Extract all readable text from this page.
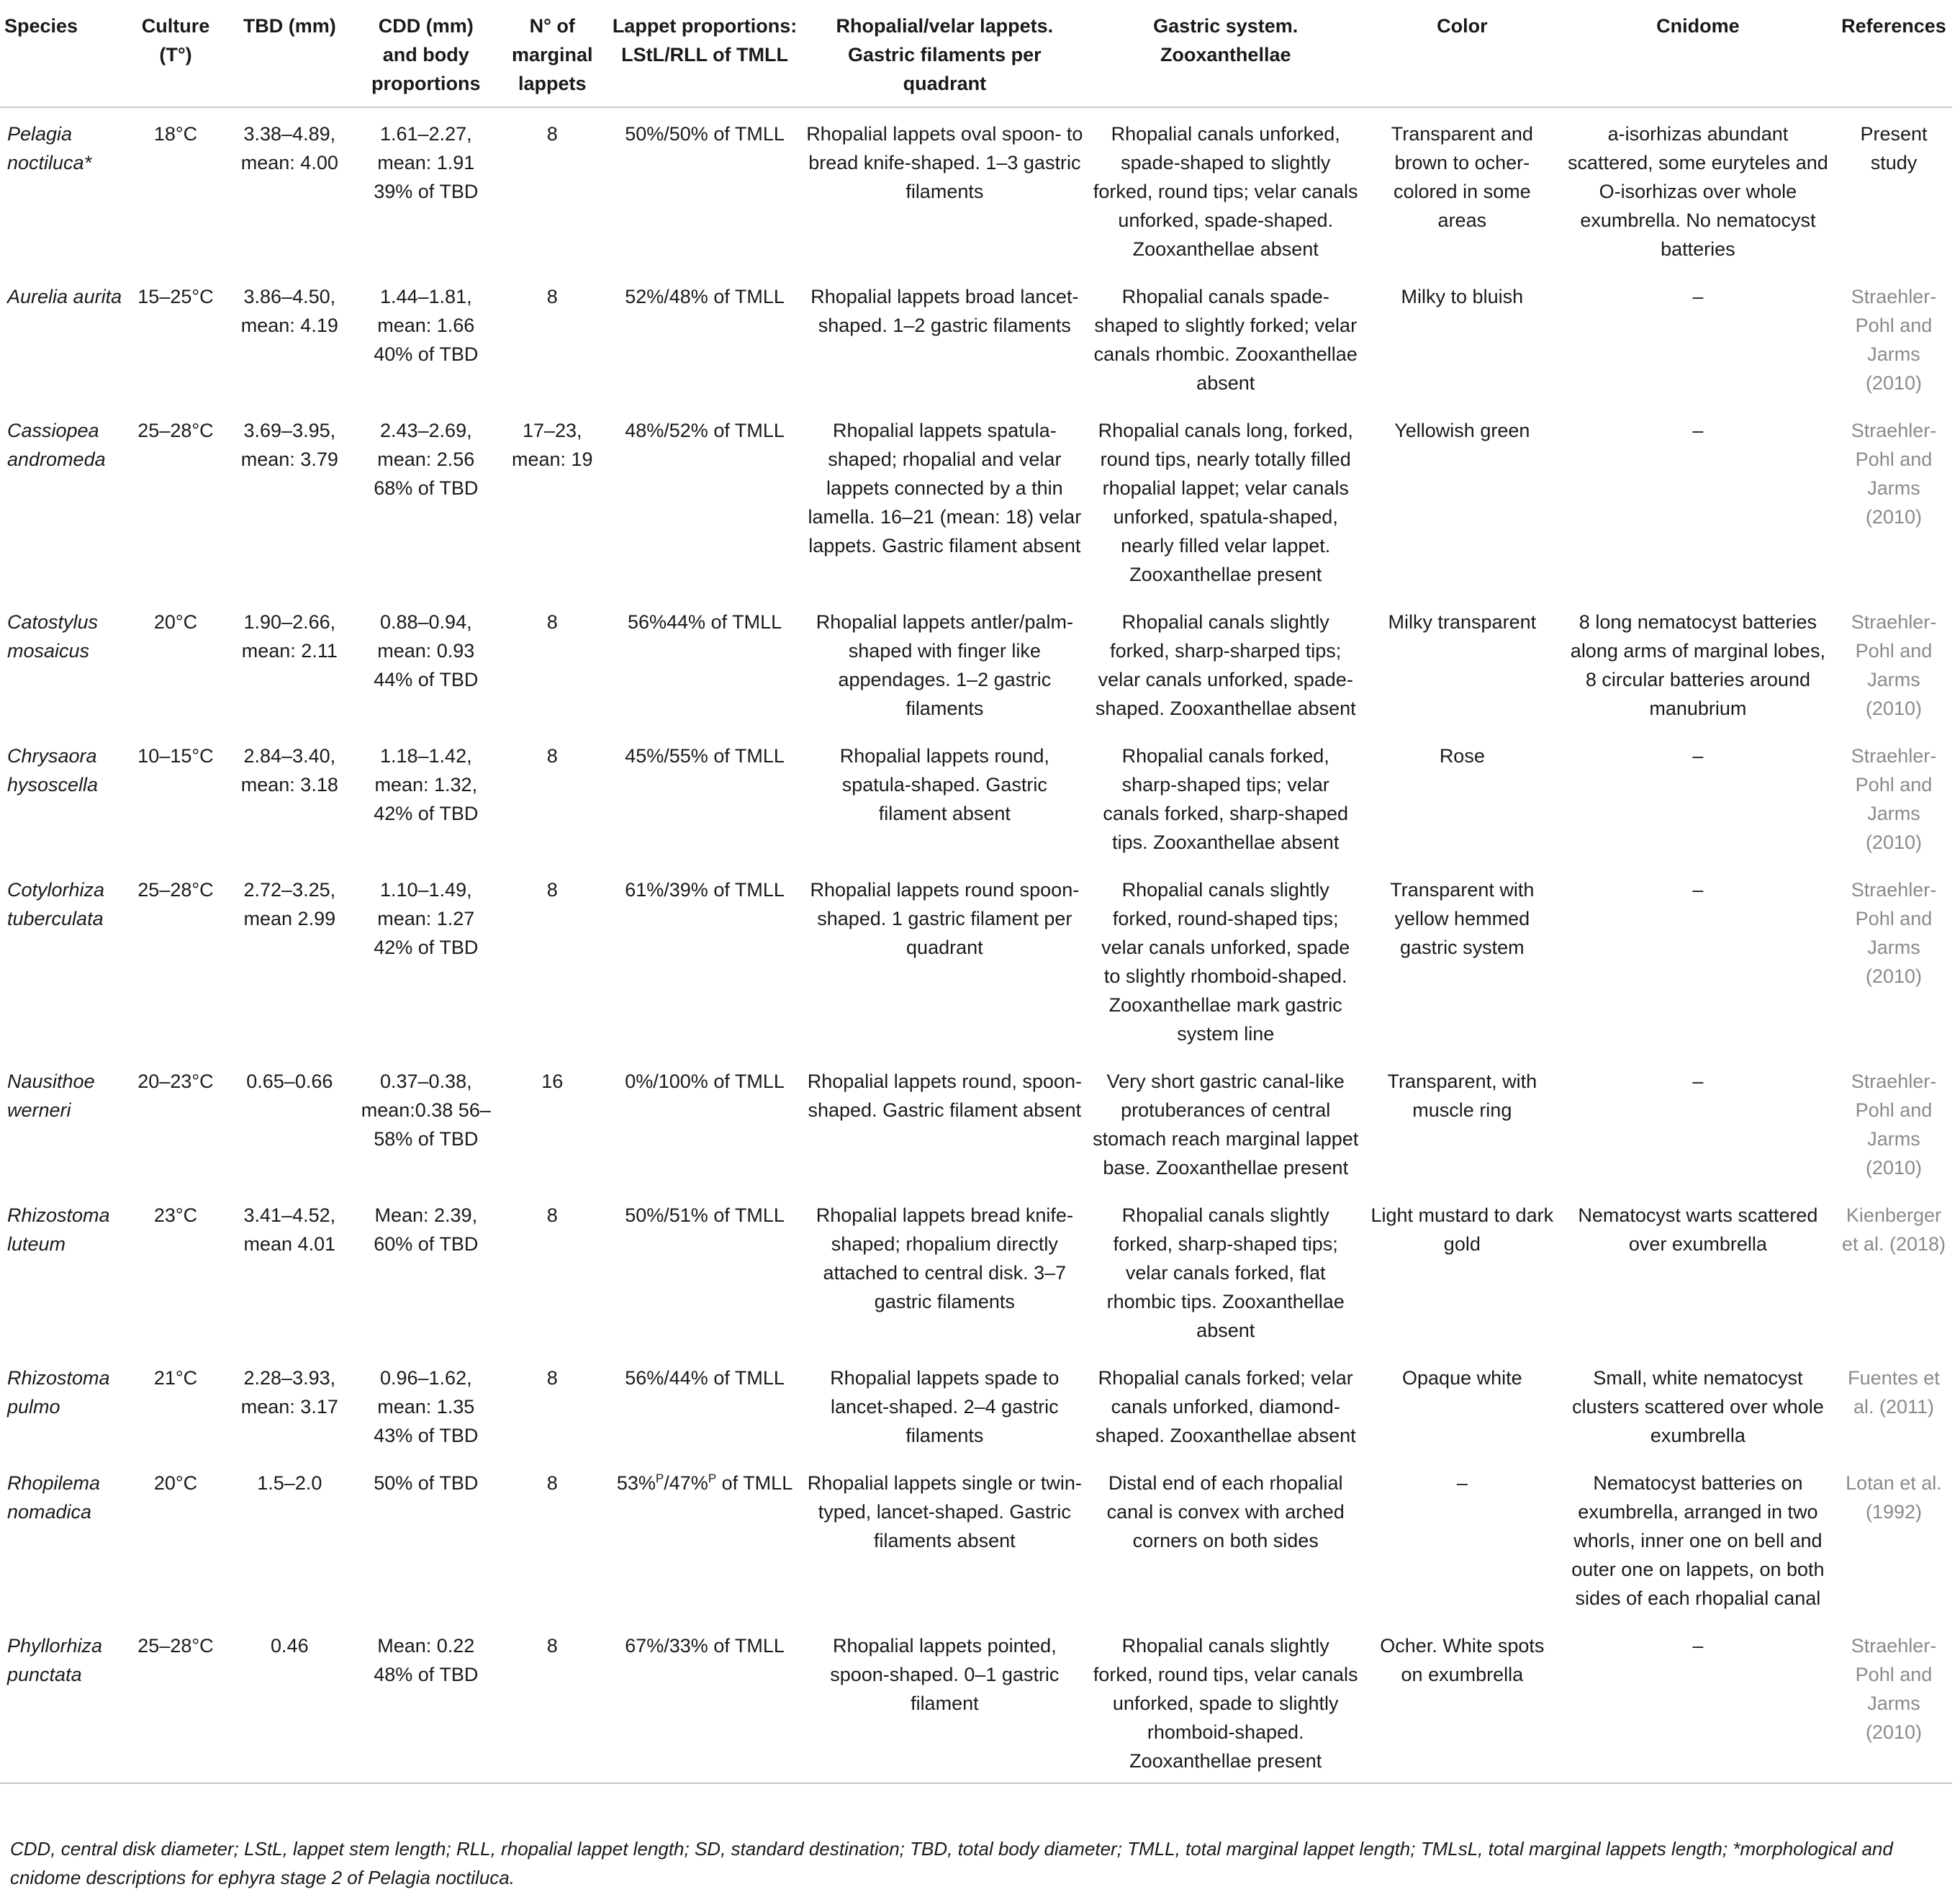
Species	Culture (T°)	TBD (mm)	CDD (mm) and body proportions	N° of marginal lappets	Lappet proportions: LStL/RLL of TMLL	Rhopalial/velar lappets. Gastric filaments per quadrant	Gastric system. Zooxanthellae	Color	Cnidome	References
Pelagia noctiluca*	18°C	3.38–4.89, mean: 4.00	1.61–2.27, mean: 1.91 39% of TBD	8	50%/50% of TMLL	Rhopalial lappets oval spoon- to bread knife-shaped. 1–3 gastric filaments	Rhopalial canals unforked, spade-shaped to slightly forked, round tips; velar canals unforked, spade-shaped. Zooxanthellae absent	Transparent and brown to ocher-colored in some areas	a-isorhizas abundant scattered, some euryteles and O-isorhizas over whole exumbrella. No nematocyst batteries	Present study
Aurelia aurita	15–25°C	3.86–4.50, mean: 4.19	1.44–1.81, mean: 1.66 40% of TBD	8	52%/48% of TMLL	Rhopalial lappets broad lancet-shaped. 1–2 gastric filaments	Rhopalial canals spade-shaped to slightly forked; velar canals rhombic. Zooxanthellae absent	Milky to bluish	–	Straehler-Pohl and Jarms (2010)
Cassiopea andromeda	25–28°C	3.69–3.95, mean: 3.79	2.43–2.69, mean: 2.56 68% of TBD	17–23, mean: 19	48%/52% of TMLL	Rhopalial lappets spatula-shaped; rhopalial and velar lappets connected by a thin lamella. 16–21 (mean: 18) velar lappets. Gastric filament absent	Rhopalial canals long, forked, round tips, nearly totally filled rhopalial lappet; velar canals unforked, spatula-shaped, nearly filled velar lappet. Zooxanthellae present	Yellowish green	–	Straehler-Pohl and Jarms (2010)
Catostylus mosaicus	20°C	1.90–2.66, mean: 2.11	0.88–0.94, mean: 0.93 44% of TBD	8	56%44% of TMLL	Rhopalial lappets antler/palm-shaped with finger like appendages. 1–2 gastric filaments	Rhopalial canals slightly forked, sharp-sharped tips; velar canals unforked, spade-shaped. Zooxanthellae absent	Milky transparent	8 long nematocyst batteries along arms of marginal lobes, 8 circular batteries around manubrium	Straehler-Pohl and Jarms (2010)
Chrysaora hysoscella	10–15°C	2.84–3.40, mean: 3.18	1.18–1.42, mean: 1.32, 42% of TBD	8	45%/55% of TMLL	Rhopalial lappets round, spatula-shaped. Gastric filament absent	Rhopalial canals forked, sharp-shaped tips; velar canals forked, sharp-shaped tips. Zooxanthellae absent	Rose	–	Straehler-Pohl and Jarms (2010)
Cotylorhiza tuberculata	25–28°C	2.72–3.25, mean 2.99	1.10–1.49, mean: 1.27 42% of TBD	8	61%/39% of TMLL	Rhopalial lappets round spoon-shaped. 1 gastric filament per quadrant	Rhopalial canals slightly forked, round-shaped tips; velar canals unforked, spade to slightly rhomboid-shaped. Zooxanthellae mark gastric system line	Transparent with yellow hemmed gastric system	–	Straehler-Pohl and Jarms (2010)
Nausithoe werneri	20–23°C	0.65–0.66	0.37–0.38, mean:0.38 56–58% of TBD	16	0%/100% of TMLL	Rhopalial lappets round, spoon-shaped. Gastric filament absent	Very short gastric canal-like protuberances of central stomach reach marginal lappet base. Zooxanthellae present	Transparent, with muscle ring	–	Straehler-Pohl and Jarms (2010)
Rhizostoma luteum	23°C	3.41–4.52, mean 4.01	Mean: 2.39, 60% of TBD	8	50%/51% of TMLL	Rhopalial lappets bread knife-shaped; rhopalium directly attached to central disk. 3–7 gastric filaments	Rhopalial canals slightly forked, sharp-shaped tips; velar canals forked, flat rhombic tips. Zooxanthellae absent	Light mustard to dark gold	Nematocyst warts scattered over exumbrella	Kienberger et al. (2018)
Rhizostoma pulmo	21°C	2.28–3.93, mean: 3.17	0.96–1.62, mean: 1.35 43% of TBD	8	56%/44% of TMLL	Rhopalial lappets spade to lancet-shaped. 2–4 gastric filaments	Rhopalial canals forked; velar canals unforked, diamond-shaped. Zooxanthellae absent	Opaque white	Small, white nematocyst clusters scattered over whole exumbrella	Fuentes et al. (2011)
Rhopilema nomadica	20°C	1.5–2.0	50% of TBD	8	53%$^P$/47%$^P$ of TMLL	Rhopalial lappets single or twin-typed, lancet-shaped. Gastric filaments absent	Distal end of each rhopalial canal is convex with arched corners on both sides	–	Nematocyst batteries on exumbrella, arranged in two whorls, inner one on bell and outer one on lappets, on both sides of each rhopalial canal	Lotan et al. (1992)
Phyllorhiza punctata	25–28°C	0.46	Mean: 0.22 48% of TBD	8	67%/33% of TMLL	Rhopalial lappets pointed, spoon-shaped. 0–1 gastric filament	Rhopalial canals slightly forked, round tips, velar canals unforked, spade to slightly rhomboid-shaped. Zooxanthellae present	Ocher. White spots on exumbrella	–	Straehler-Pohl and Jarms (2010)
CDD, central disk diameter; LStL, lappet stem length; RLL, rhopalial lappet length; SD, standard destination; TBD, total body diameter; TMLL, total marginal lappet length; TMLsL, total marginal lappets length; *morphological and cnidome descriptions for ephyra stage 2 of Pelagia noctiluca.
